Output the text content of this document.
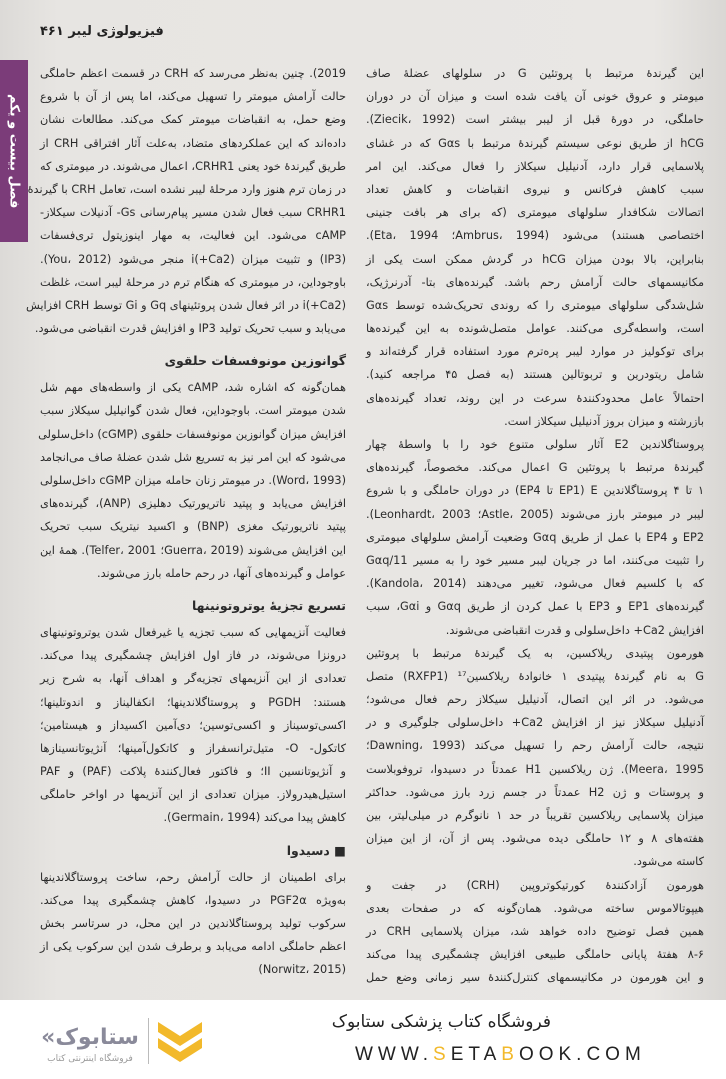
فیزیولوژی لیبر ۴۶۱
فصل بیست و یکم
این گیرندهٔ مرتبط با پروتئین G در سلولهای عضلهٔ صاف
میومتر و عروق خونی آن یافت شده است و میزان آن در دوران
حاملگی، در دورهٔ قبل از لیبر بیشتر است (Ziecik، 1992).
hCG از طریق نوعی سیستم گیرندهٔ مرتبط با Gαs که در غشای
پلاسمایی قرار دارد، آدنیلیل سیکلاز را فعال می‌کند. این امر
سبب کاهش فرکانس و نیروی انقباضات و کاهش تعداد
اتصالات شکافدار سلولهای میومتری (که برای هر بافت جنینی
اختصاصی هستند) می‌شود (Ambrus، 1994؛ Eta، 1994).
بنابراین، بالا بودن میزان hCG در گردش ممکن است یکی از
مکانیسمهای حالت آرامش رحم باشد. گیرنده‌های بتا- آدرنرژیک،
شل‌شدگی سلولهای میومتری را که روندی تحریک‌شده توسط Gαs
است، واسطه‌گری می‌کنند. عوامل متصل‌شونده به این گیرنده‌ها
برای توکولیز در موارد لیبر پره‌ترم مورد استفاده قرار گرفته‌اند و
شامل ریتودرین و تربوتالین هستند (به فصل ۴۵ مراجعه کنید).
احتمالاً عامل محدودکنندهٔ سرعت در این روند، تعداد گیرنده‌های
بازرشته و میزان بروز آدنیلیل سیکلاز است.
پروستاگلاندین E2 آثار سلولی متنوع خود را با واسطهٔ چهار
گیرندهٔ مرتبط با پروتئین G اعمال می‌کند. مخصوصاً، گیرنده‌های
۱ تا ۴ پروستاگلاندین E (EP1 تا EP4) در دوران حاملگی و با شروع
لیبر در میومتر بارز می‌شوند (Astle، 2005؛ Leonhardt، 2003).
EP2 و EP4 با عمل از طریق Gαq وضعیت آرامش سلولهای میومتری
را تثبیت می‌کنند، اما در جریان لیبر مسیر خود را به مسیر Gαq/11
که با کلسیم فعال می‌شود، تغییر می‌دهند (Kandola، 2014).
گیرنده‌های EP1 و EP3 با عمل کردن از طریق Gαq و Gαi، سبب
افزایش Ca2+ داخل‌سلولی و قدرت انقباضی می‌شوند.
هورمون پپتیدی ریلاکسین، به یک گیرندهٔ مرتبط با پروتئین
G به نام گیرندهٔ پپتیدی ۱ خانوادهٔ ریلاکسین¹⁷ (RXFP1) متصل
می‌شود. در اثر این اتصال، آدنیلیل سیکلاز رحم فعال می‌شود؛
آدنیلیل سیکلاز نیز از افزایش Ca2+ داخل‌سلولی جلوگیری و در
نتیجه، حالت آرامش رحم را تسهیل می‌کند (Dawning، 1993؛
Meera، 1995). ژن ریلاکسین H1 عمدتاً در دسیدوا، تروفوبلاست
و پروستات و ژن H2 عمدتاً در جسم زرد بارز می‌شود. حداکثر
میزان پلاسمایی ریلاکسین تقریباً در حد ۱ نانوگرم در میلی‌لیتر، بین
هفته‌های ۸ و ۱۲ حاملگی دیده می‌شود. پس از آن، از این میزان
کاسته می‌شود.
هورمون آزادکنندهٔ کورتیکوتروپین (CRH) در جفت و
هیپوتالاموس ساخته می‌شود. همان‌گونه که در صفحات بعدی
همین فصل توضیح داده خواهد شد، میزان پلاسمایی CRH در
۸-۶ هفتهٔ پایانی حاملگی طبیعی افزایش چشمگیری پیدا می‌کند
و این هورمون در مکانیسمهای کنترل‌کنندهٔ سیر زمانی وضع حمل
2019). چنین به‌نظر می‌رسد که CRH در قسمت اعظم حاملگی
حالت آرامش میومتر را تسهیل می‌کند، اما پس از آن با شروع
وضع حمل، به انقباضات میومتر کمک می‌کند. مطالعات نشان
داده‌اند که این عملکردهای متضاد، به‌علت آثار افتراقی CRH از
طریق گیرندهٔ خود یعنی CRHR1، اعمال می‌شوند. در میومتری که
در زمان ترم هنوز وارد مرحلهٔ لیبر نشده است، تعامل CRH با گیرندهٔ
CRHR1 سبب فعال شدن مسیر پیام‌رسانی Gs- آدنیلات سیکلاز-
cAMP می‌شود. این فعالیت، به مهار اینوزیتول تری‌فسفات
(IP3) و تثبیت میزان (Ca2+)i منجر می‌شود (You، 2012).
باوجوداین، در میومتری که هنگام ترم در مرحلهٔ لیبر است، غلظت
(Ca2+)i در اثر فعال شدن پروتئینهای Gq و Gi توسط CRH افزایش
می‌یابد و سبب تحریک تولید IP3 و افزایش قدرت انقباضی می‌شود.
گوانوزین مونوفسفات حلقوی
همان‌گونه که اشاره شد، cAMP یکی از واسطه‌های مهم شل
شدن میومتر است. باوجوداین، فعال شدن گوانیلیل سیکلاز سبب
افزایش میزان گوانوزین مونوفسفات حلقوی (cGMP) داخل‌سلولی
می‌شود که این امر نیز به تسریع شل شدن عضلهٔ صاف می‌انجامد
(Word، 1993). در میومتر زنان حامله میزان cGMP داخل‌سلولی
افزایش می‌یابد و پپتید ناتریورتیک دهلیزی (ANP)، گیرنده‌های
پپتید ناتریورتیک مغزی (BNP) و اکسید نیتریک سبب تحریک
این افزایش می‌شوند (Guerra، 2019؛ Telfer، 2001). همهٔ این
عوامل و گیرنده‌های آنها، در رحم حامله بارز می‌شوند.
تسریع تجزیهٔ یوتروتونینها
فعالیت آنزیمهایی که سبب تجزیه یا غیرفعال شدن یوتروتونینهای
درونزا می‌شوند، در فاز اول افزایش چشمگیری پیدا می‌کند.
تعدادی از این آنزیمهای تجزیه‌گر و اهداف آنها، به شرح زیر
هستند: PGDH و پروستاگلاندینها؛ انکفالیناز و اندوتلینها؛
اکسی‌توسیناز و اکسی‌توسین؛ دی‌آمین اکسیداز و هیستامین؛
کاتکول- O- متیل‌ترانسفراز و کاتکول‌آمینها؛ آنژیوتانسینازها
و آنژیوتانسین II؛ و فاکتور فعال‌کنندهٔ پلاکت (PAF) و PAF
استیل‌هیدرولاز. میزان تعدادی از این آنزیمها در اواخر حاملگی
کاهش پیدا می‌کند (Germain، 1994).
■ دسیدوا
برای اطمینان از حالت آرامش رحم، ساخت پروستاگلاندینها
به‌ویژه PGF2α در دسیدوا، کاهش چشمگیری پیدا می‌کند.
سرکوب تولید پروستاگلاندین در این محل، در سرتاسر بخش
اعظم حاملگی ادامه می‌یابد و برطرف شدن این سرکوب یکی از
(Norwitz، 2015)
«ستابوک
فروشگاه اینترنتی کتاب
فروشگاه کتاب پزشکی ستابوک
WWW.SETABOOK.COM
